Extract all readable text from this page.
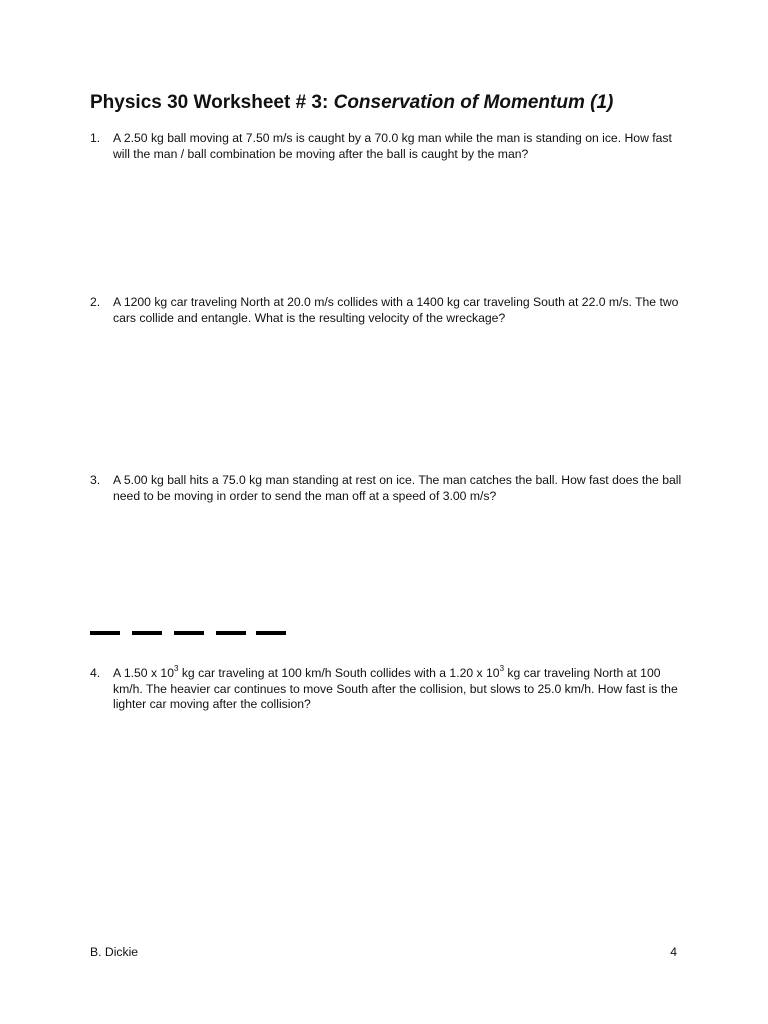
Physics 30 Worksheet # 3: Conservation of Momentum (1)
1. A 2.50 kg ball moving at 7.50 m/s is caught by a 70.0 kg man while the man is standing on ice. How fast will the man / ball combination be moving after the ball is caught by the man?
2. A 1200 kg car traveling North at 20.0 m/s collides with a 1400 kg car traveling South at 22.0 m/s. The two cars collide and entangle. What is the resulting velocity of the wreckage?
3. A 5.00 kg ball hits a 75.0 kg man standing at rest on ice. The man catches the ball. How fast does the ball need to be moving in order to send the man off at a speed of 3.00 m/s?
4. A 1.50 x $10^3$ kg car traveling at 100 km/h South collides with a 1.20 x $10^3$ kg car traveling North at 100 km/h. The heavier car continues to move South after the collision, but slows to 25.0 km/h. How fast is the lighter car moving after the collision?
B. Dickie	4
